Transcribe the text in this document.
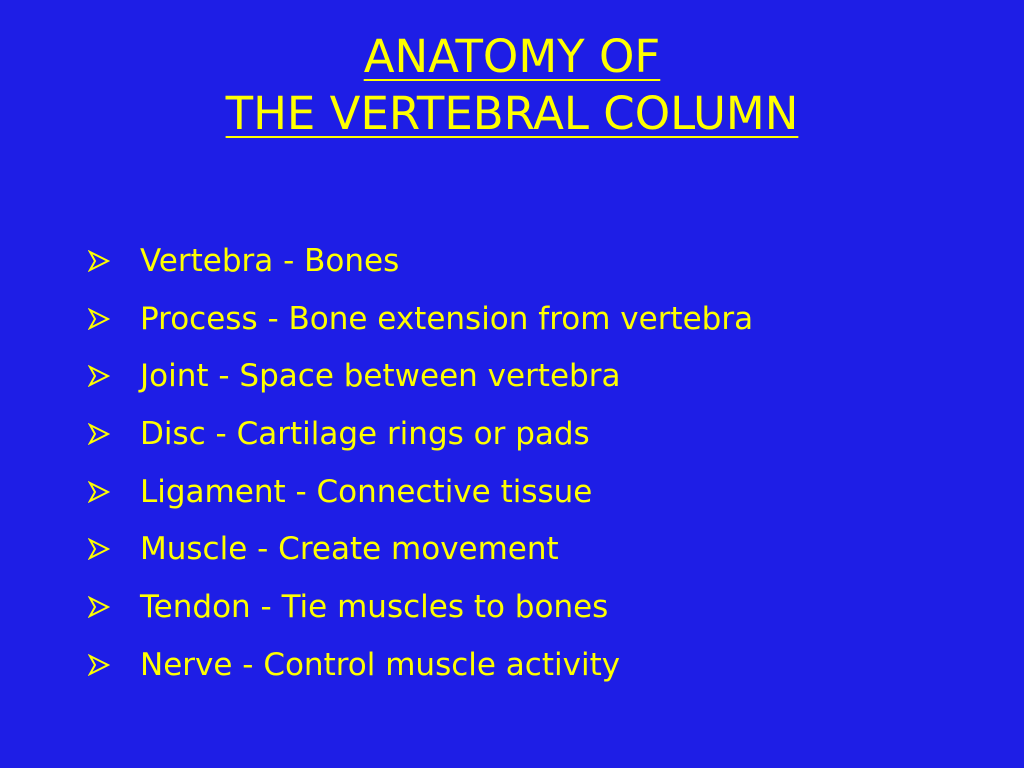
ANATOMY OF
THE VERTEBRAL COLUMN
Vertebra - Bones
Process - Bone extension from vertebra
Joint - Space between vertebra
Disc - Cartilage rings or pads
Ligament - Connective tissue
Muscle - Create movement
Tendon - Tie muscles to bones
Nerve - Control muscle activity
